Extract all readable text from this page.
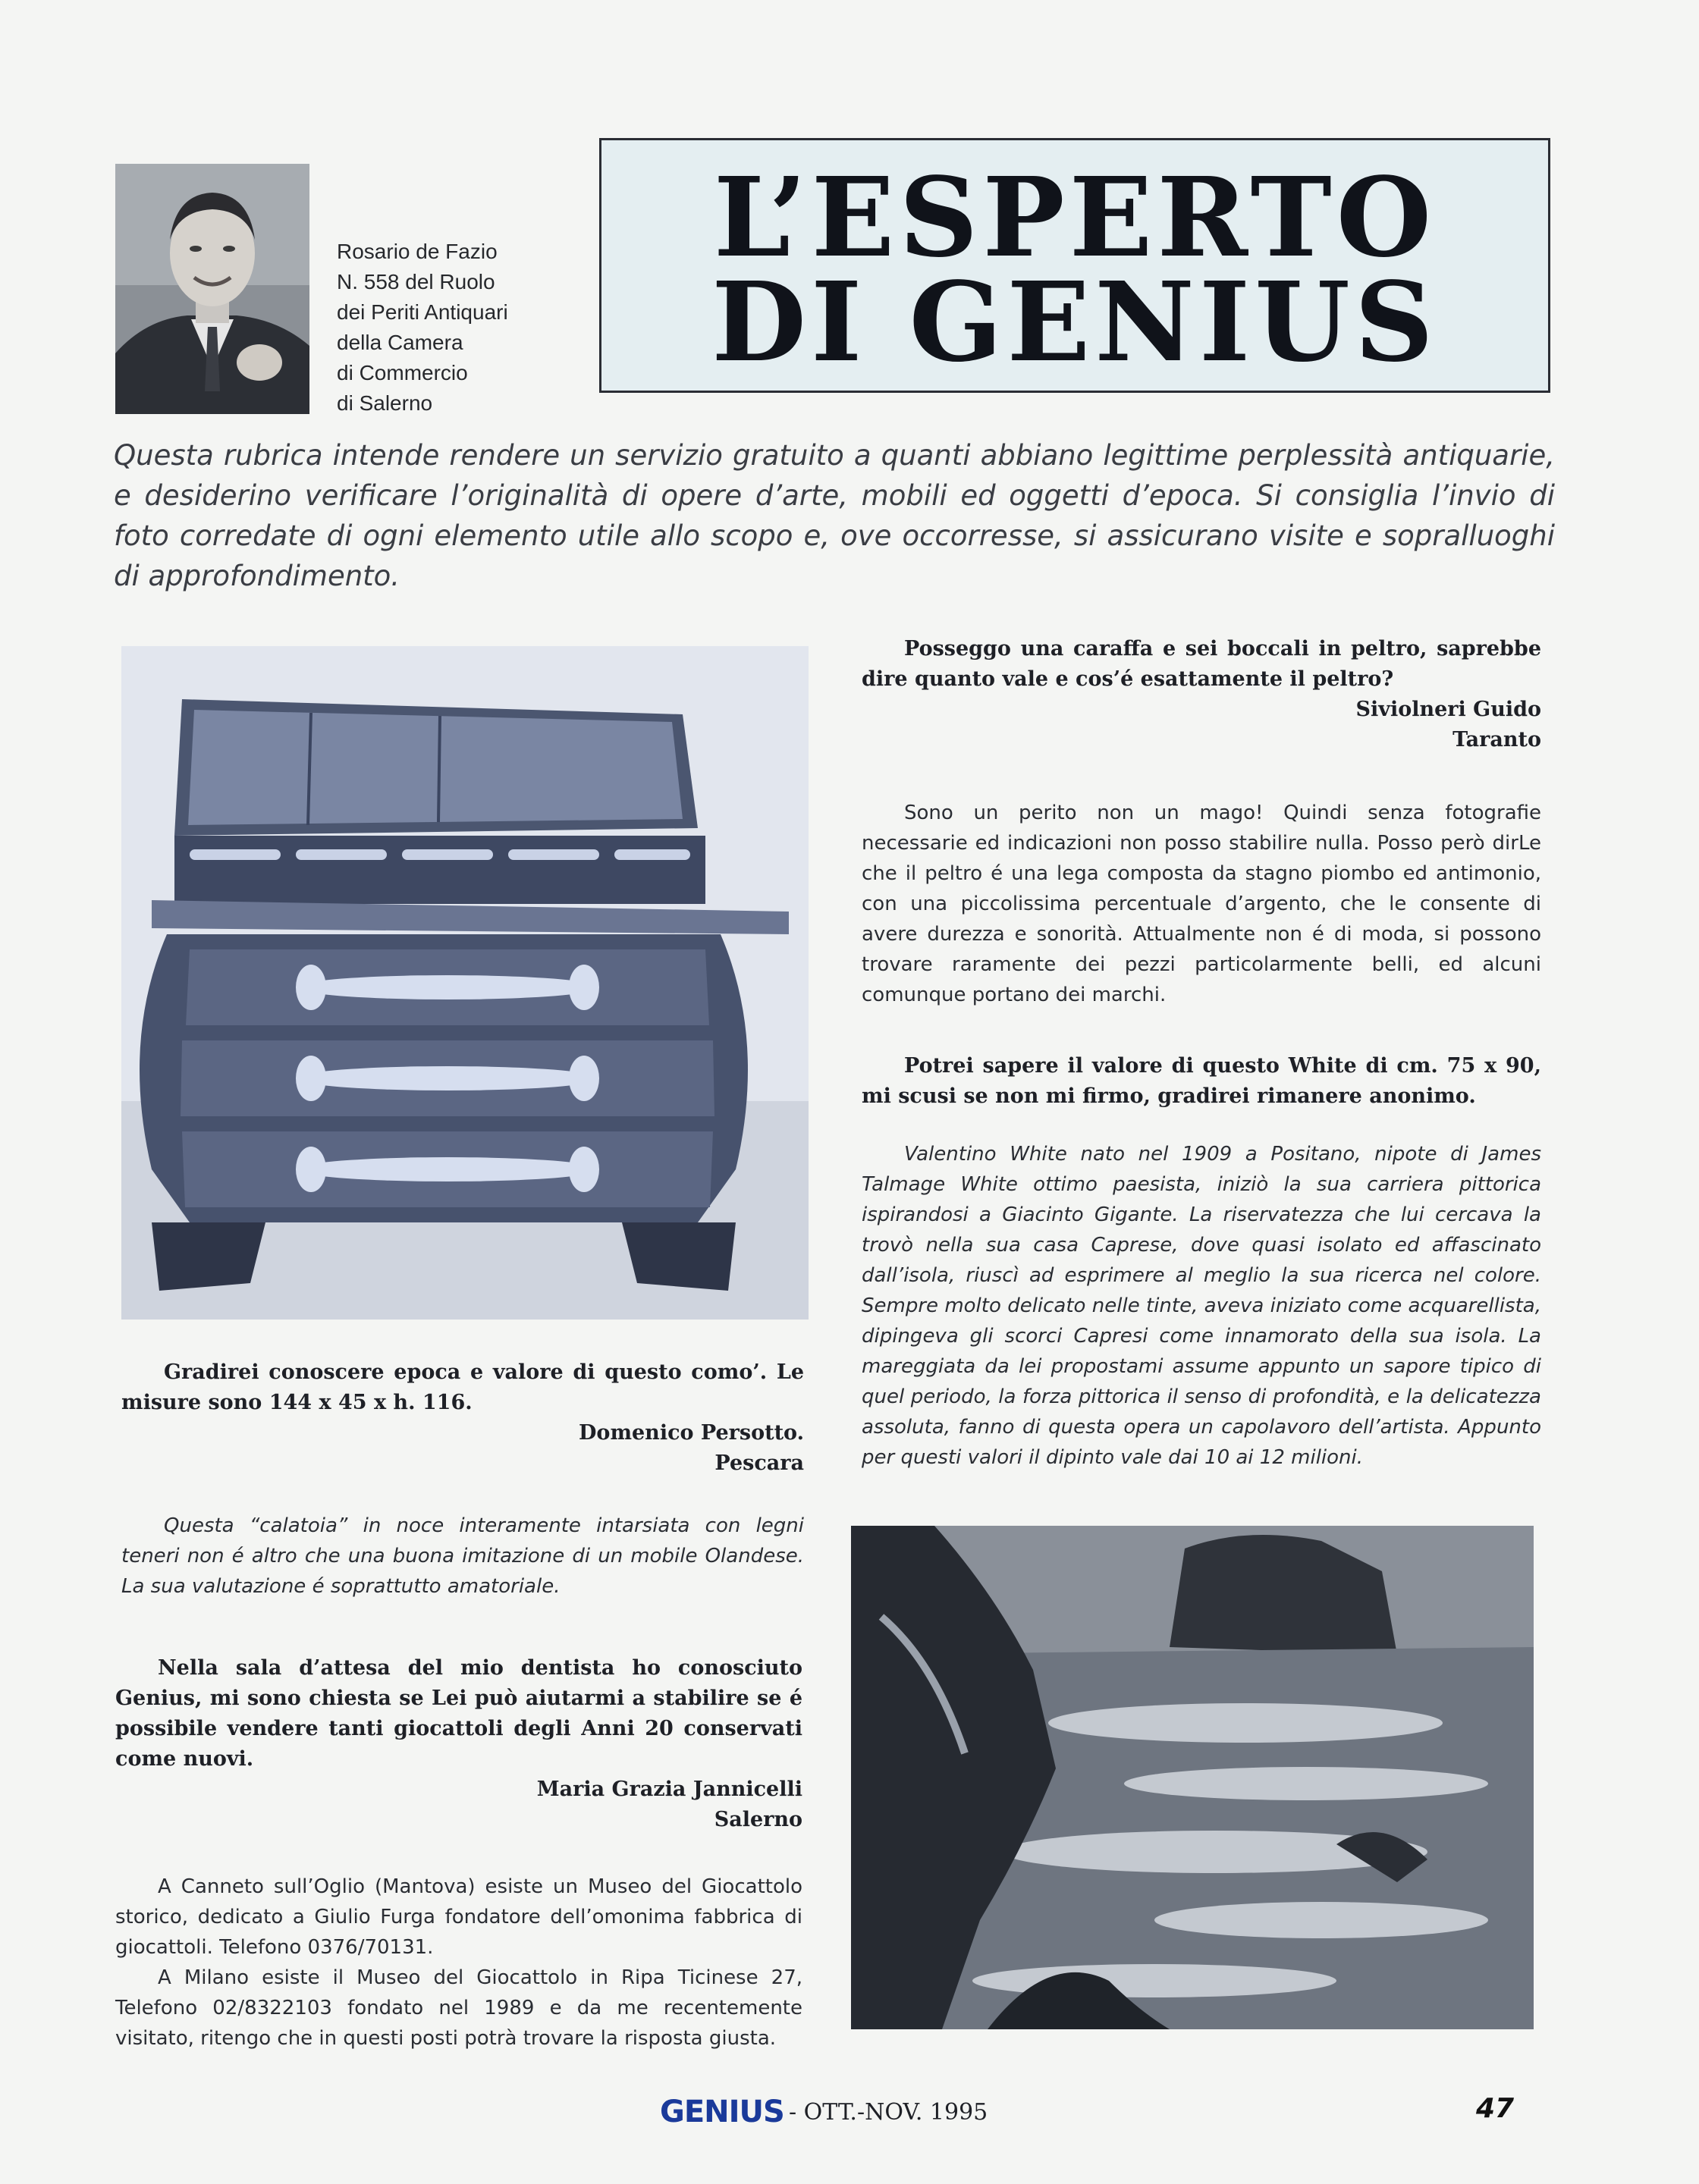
Rosario de Fazio
N. 558 del Ruolo
dei Periti Antiquari
della Camera
di Commercio
di Salerno
L’ESPERTO
DI GENIUS

Questa rubrica intende rendere un servizio gratuito a quanti abbiano legittime perplessità antiquarie, e desiderino verificare l’originalità di opere d’arte, mobili ed oggetti d’epoca. Si consiglia l’invio di foto corredate di ogni elemento utile allo scopo e, ove occorresse, si assicurano visite e sopralluoghi di approfondimento.

Gradirei conoscere epoca e valore di questo como’. Le misure sono 144 x 45 x h. 116.

Domenico Persotto.

Pescara

Questa “calatoia” in noce interamente intarsiata con legni teneri non é altro che una buona imitazione di un mobile Olandese. La sua valutazione é soprattutto amatoriale.

Nella sala d’attesa del mio dentista ho conosciuto Genius, mi sono chiesta se Lei può aiutarmi a stabilire se é possibile vendere tanti giocattoli degli Anni 20 conservati come nuovi.

Maria Grazia Jannicelli

Salerno

A Canneto sull’Oglio (Mantova) esiste un Museo del Giocattolo storico, dedicato a Giulio Furga fondatore dell’omonima fabbrica di giocattoli. Telefono 0376/70131.

A Milano esiste il Museo del Giocattolo in Ripa Ticinese 27, Telefono 02/8322103 fondato nel 1989 e da me recentemente visitato, ritengo che in questi posti potrà trovare la risposta giusta.

Posseggo una caraffa e sei boccali in peltro, saprebbe dire quanto vale e cos’é esattamente il peltro?

Siviolneri Guido

Taranto

Sono un perito non un mago! Quindi senza fotografie necessarie ed indicazioni non posso stabilire nulla. Posso però dirLe che il peltro é una lega composta da stagno piombo ed antimonio, con una piccolissima percentuale d’argento, che le consente di avere durezza e sonorità. Attualmente non é di moda, si possono trovare raramente dei pezzi particolarmente belli, ed alcuni comunque portano dei marchi.

Potrei sapere il valore di questo White di cm. 75 x 90, mi scusi se non mi firmo, gradirei rimanere anonimo.

Valentino White nato nel 1909 a Positano, nipote di James Talmage White ottimo paesista, iniziò la sua carriera pittorica ispirandosi a Giacinto Gigante. La riservatezza che lui cercava la trovò nella sua casa Caprese, dove quasi isolato ed affascinato dall’isola, riuscì ad esprimere al meglio la sua ricerca nel colore. Sempre molto delicato nelle tinte, aveva iniziato come acquarellista, dipingeva gli scorci Capresi come innamorato della sua isola. La mareggiata da lei propostami assume appunto un sapore tipico di quel periodo, la forza pittorica il senso di profondità, e la delicatezza assoluta, fanno di questa opera un capolavoro dell’artista. Appunto per questi valori il dipinto vale dai 10 ai 12 milioni.

GENIUS - OTT.-NOV. 1995	47
